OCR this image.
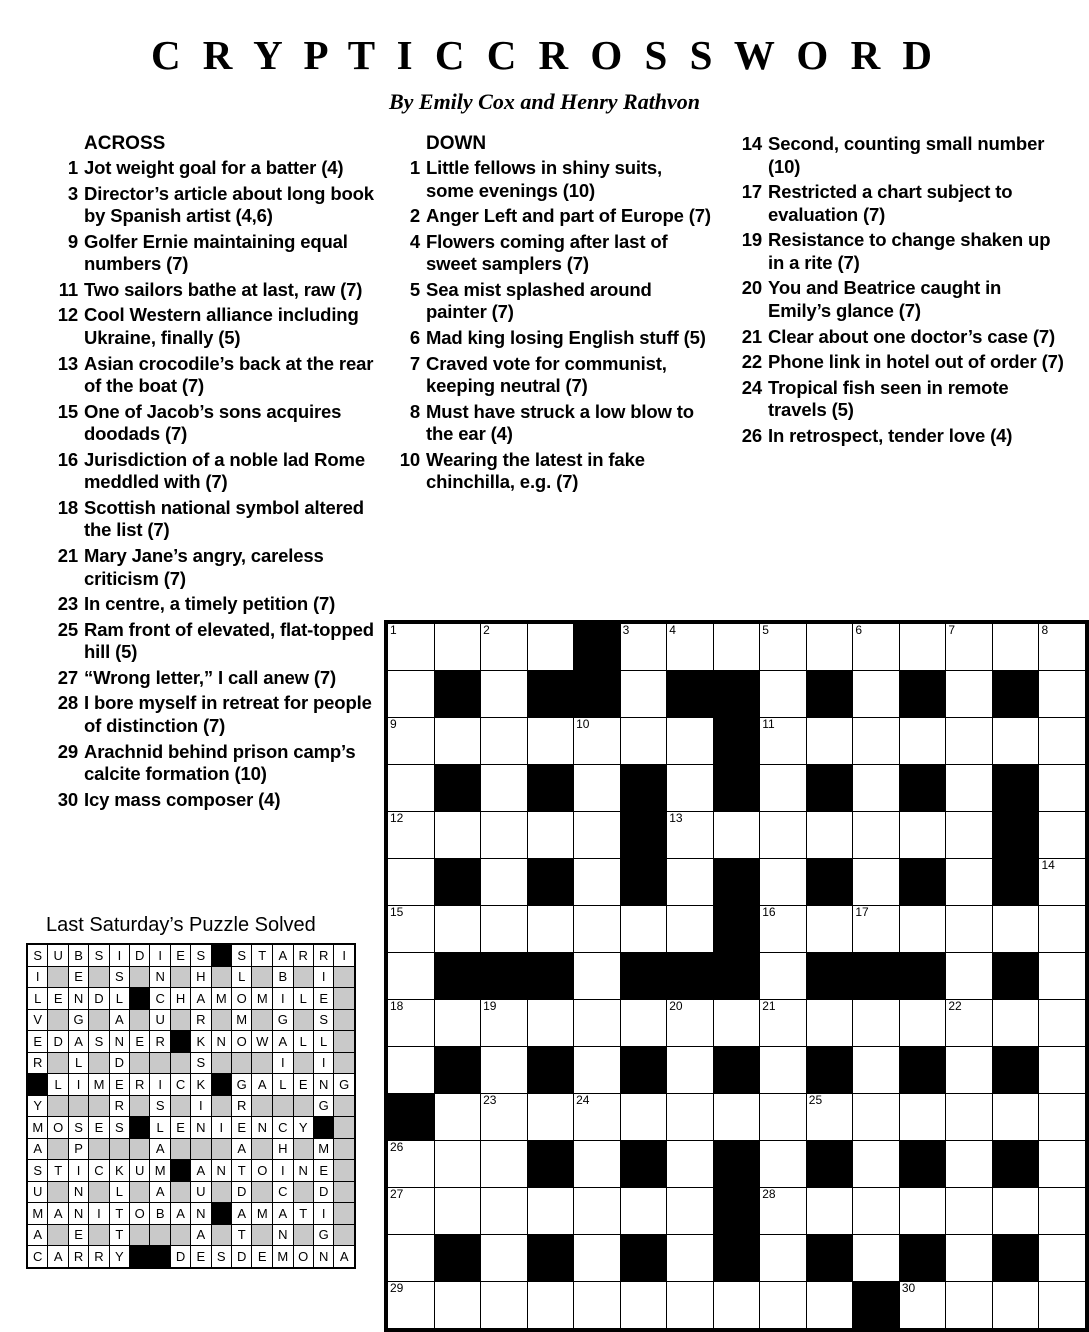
C R Y P T I C C R O S S W O R D
By Emily Cox and Henry Rathvon
ACROSS
1 Jot weight goal for a batter (4)
3 Director’s article about long book by Spanish artist (4,6)
9 Golfer Ernie maintaining equal numbers (7)
11 Two sailors bathe at last, raw (7)
12 Cool Western alliance including Ukraine, finally (5)
13 Asian crocodile’s back at the rear of the boat (7)
15 One of Jacob’s sons acquires doodads (7)
16 Jurisdiction of a noble lad Rome meddled with (7)
18 Scottish national symbol altered the list (7)
21 Mary Jane’s angry, careless criticism (7)
23 In centre, a timely petition (7)
25 Ram front of elevated, flat-topped hill (5)
27 “Wrong letter,” I call anew (7)
28 I bore myself in retreat for people of distinction (7)
29 Arachnid behind prison camp’s calcite formation (10)
30 Icy mass composer (4)
DOWN
1 Little fellows in shiny suits, some evenings (10)
2 Anger Left and part of Europe (7)
4 Flowers coming after last of sweet samplers (7)
5 Sea mist splashed around painter (7)
6 Mad king losing English stuff (5)
7 Craved vote for communist, keeping neutral (7)
8 Must have struck a low blow to the ear (4)
10 Wearing the latest in fake chinchilla, e.g. (7)
14 Second, counting small number (10)
17 Restricted a chart subject to evaluation (7)
19 Resistance to change shaken up in a rite (7)
20 You and Beatrice caught in Emily’s glance (7)
21 Clear about one doctor’s case (7)
22 Phone link in hotel out of order (7)
24 Tropical fish seen in remote travels (5)
26 In retrospect, tender love (4)
Last Saturday’s Puzzle Solved
S	U	B	S	I	D	I	E	S		S	T	A	R	R	I
I		E		S		N		H		L		B		I	
L	E	N	D	L		C	H	A	M	O	M	I	L	E	
V		G		A		U		R		M		G		S	
E	D	A	S	N	E	R		K	N	O	W	A	L	L	
R		L		D				S				I		I	
	L	I	M	E	R	I	C	K		G	A	L	E	N	G
Y				R		S		I		R				G	
M	O	S	E	S		L	E	N	I	E	N	C	Y		
A		P				A				A		H		M	
S	T	I	C	K	U	M		A	N	T	O	I	N	E	
U		N		L		A		U		D		C		D	
M	A	N	I	T	O	B	A	N		A	M	A	T	I	
A		E		T				A		T		N		G	
C	A	R	R	Y			D	E	S	D	E	M	O	N	A
1		2			3	4		5		6		7		8

9				10				11						

12						13								

														14

15								16		17				

18		19				20		21				22		

		23		24					25					

26														

27								28						

29											30			
